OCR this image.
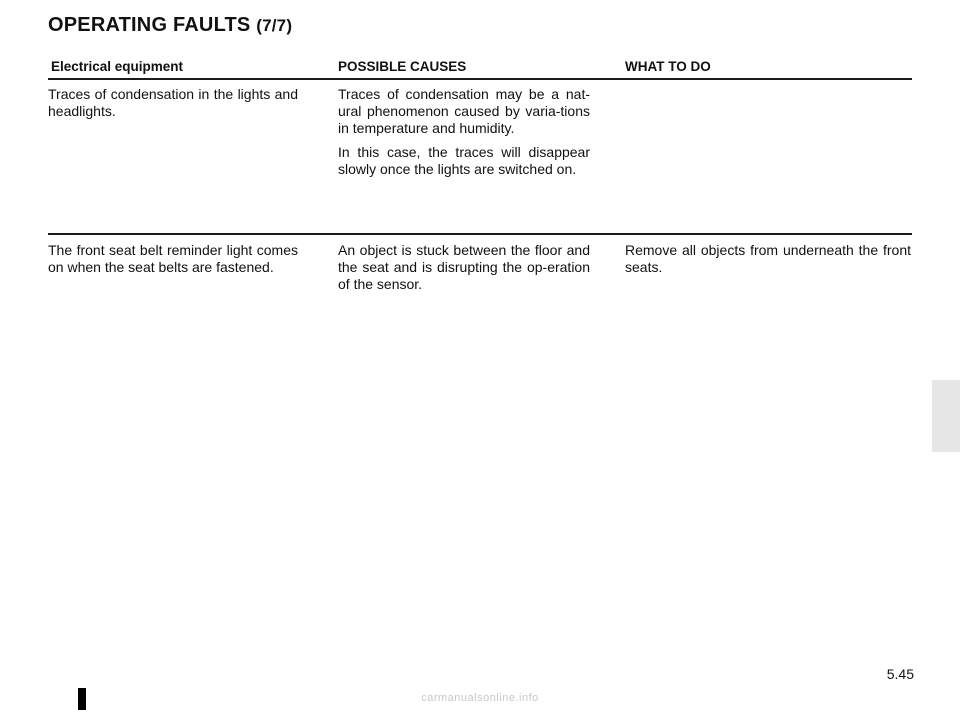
OPERATING FAULTS (7/7)
Electrical equipment	POSSIBLE CAUSES	WHAT TO DO

Traces of condensation in the lights and headlights.

Traces of condensation may be a nat-ural phenomenon caused by varia-tions in temperature and humidity.

In this case, the traces will disappear slowly once the lights are switched on.

The front seat belt reminder light comes on when the seat belts are fastened.

An object is stuck between the floor and the seat and is disrupting the op-eration of the sensor.

Remove all objects from underneath the front seats.

5.45
carmanualsonline.info
